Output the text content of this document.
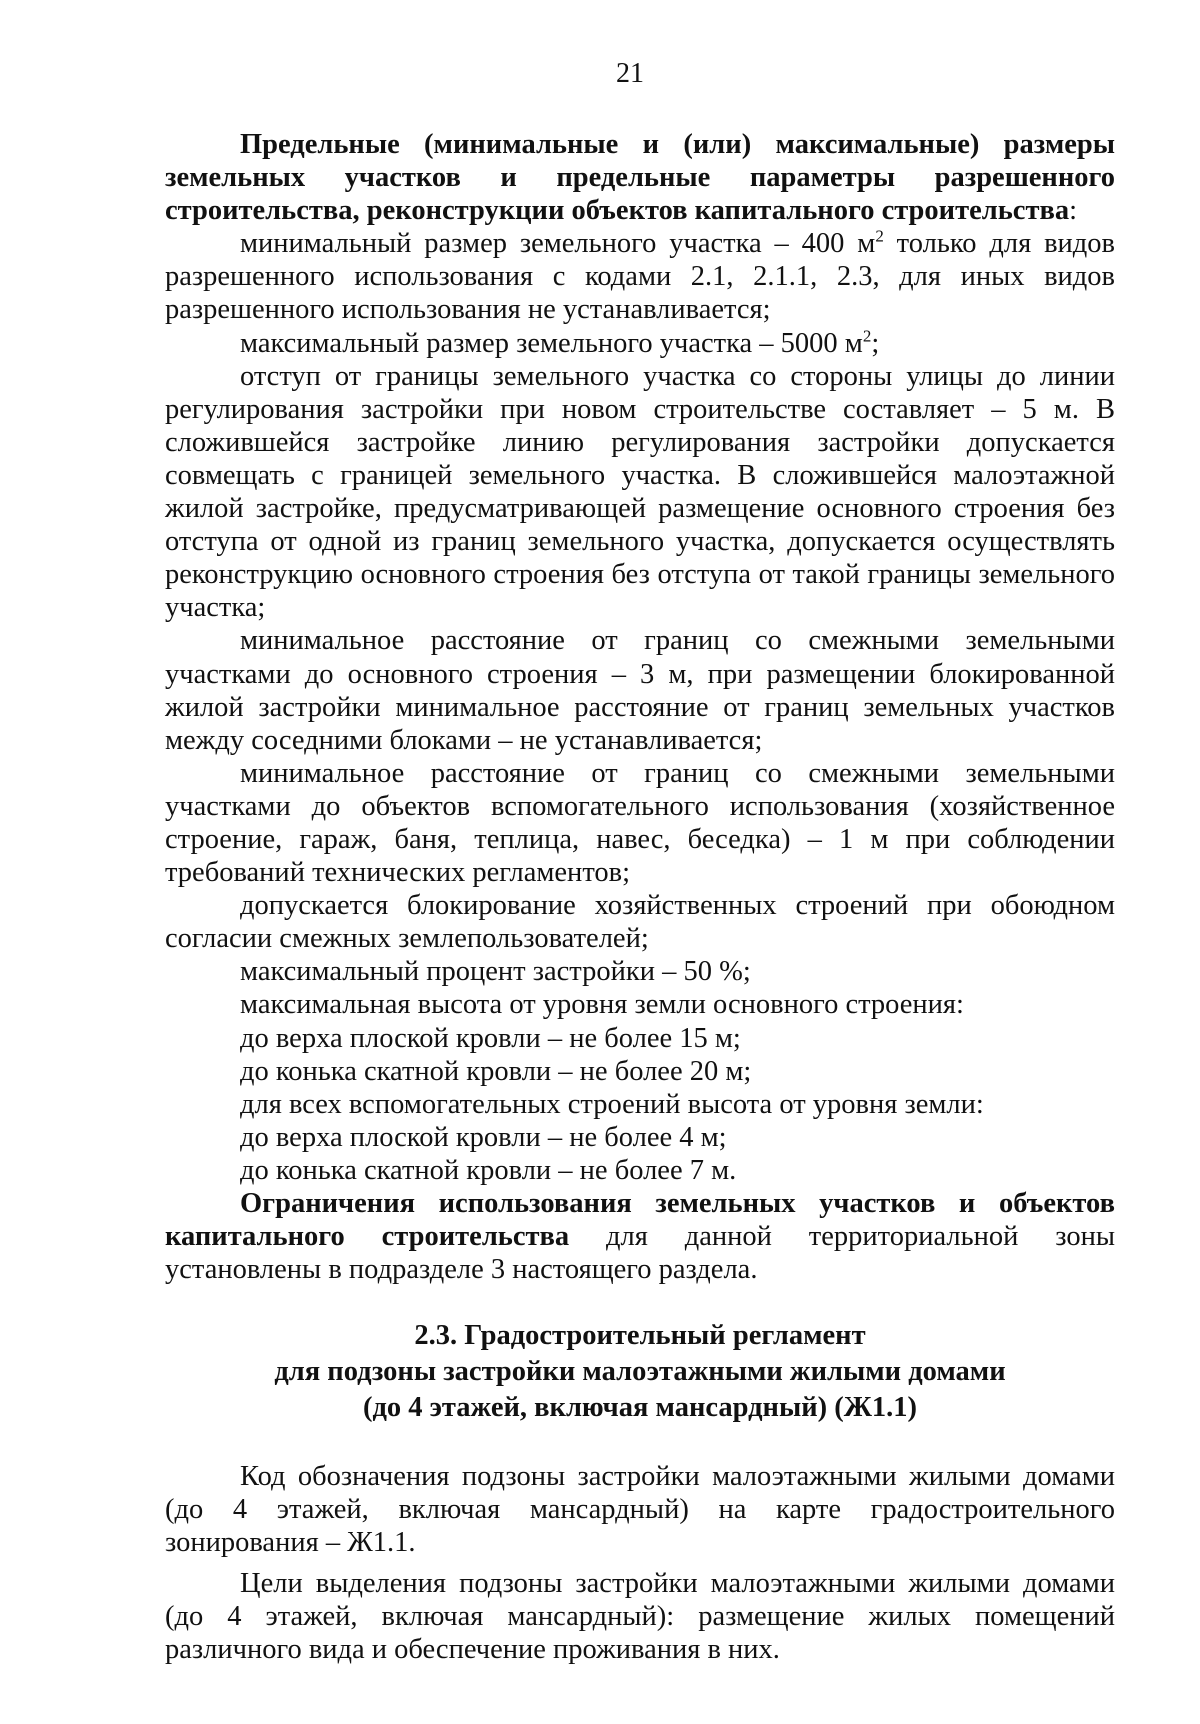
21

Предельные (минимальные и (или) максимальные) размеры земельных участков и предельные параметры разрешенного строительства, реконструкции объектов капитального строительства:

минимальный размер земельного участка – 400 $м^2$ только для видов разрешенного использования с кодами 2.1, 2.1.1, 2.3, для иных видов разрешенного использования не устанавливается;

максимальный размер земельного участка – 5000 $м^2$;

отступ от границы земельного участка со стороны улицы до линии регулирования застройки при новом строительстве составляет – 5 м. В сложившейся застройке линию регулирования застройки допускается совмещать с границей земельного участка. В сложившейся малоэтажной жилой застройке, предусматривающей размещение основного строения без отступа от одной из границ земельного участка, допускается осуществлять реконструкцию основного строения без отступа от такой границы земельного участка;

минимальное расстояние от границ со смежными земельными участками до основного строения – 3 м, при размещении блокированной жилой застройки минимальное расстояние от границ земельных участков между соседними блоками – не устанавливается;

минимальное расстояние от границ со смежными земельными участками до объектов вспомогательного использования (хозяйственное строение, гараж, баня, теплица, навес, беседка) – 1 м при соблюдении требований технических регламентов;

допускается блокирование хозяйственных строений при обоюдном согласии смежных землепользователей;

максимальный процент застройки – 50 %;

максимальная высота от уровня земли основного строения:

до верха плоской кровли – не более 15 м;

до конька скатной кровли – не более 20 м;

для всех вспомогательных строений высота от уровня земли:

до верха плоской кровли – не более 4 м;

до конька скатной кровли – не более 7 м.

Ограничения использования земельных участков и объектов капитального строительства для данной территориальной зоны установлены в подразделе 3 настоящего раздела.

2.3. Градостроительный регламент
для подзоны застройки малоэтажными жилыми домами
(до 4 этажей, включая мансардный) (Ж1.1)

Код обозначения подзоны застройки малоэтажными жилыми домами (до 4 этажей, включая мансардный) на карте градостроительного зонирования – Ж1.1.

Цели выделения подзоны застройки малоэтажными жилыми домами (до 4 этажей, включая мансардный): размещение жилых помещений различного вида и обеспечение проживания в них.
